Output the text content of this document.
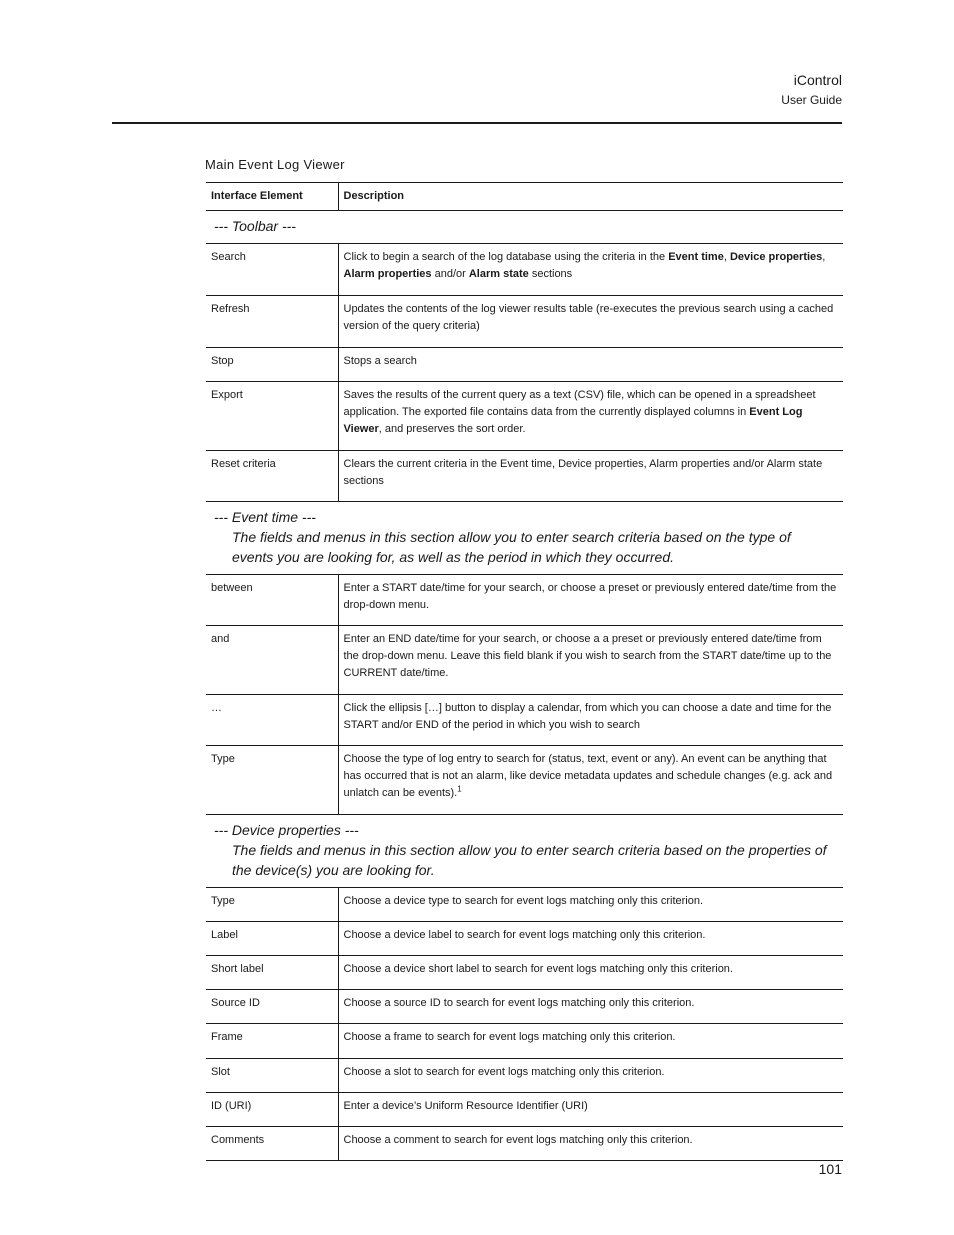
iControl
User Guide
Main Event Log Viewer
Interface Element	Description

--- Toolbar ---	

Search	Click to begin a search of the log database using the criteria in the Event time, Device properties, Alarm properties and/or Alarm state sections
Refresh	Updates the contents of the log viewer results table (re-executes the previous search using a cached version of the query criteria)
Stop	Stops a search
Export	Saves the results of the current query as a text (CSV) file, which can be opened in a spreadsheet application. The exported file contains data from the currently displayed columns in Event Log Viewer, and preserves the sort order.
Reset criteria	Clears the current criteria in the Event time, Device properties, Alarm properties and/or Alarm state sections

--- Event time ---
The fields and menus in this section allow you to enter search criteria based on the type of events you are looking for, as well as the period in which they occurred.	

between	Enter a START date/time for your search, or choose a preset or previously entered date/time from the drop-down menu.
and	Enter an END date/time for your search, or choose a a preset or previously entered date/time from the drop-down menu. Leave this field blank if you wish to search from the START date/time up to the CURRENT date/time.
…	Click the ellipsis […] button to display a calendar, from which you can choose a date and time for the START and/or END of the period in which you wish to search
Type	Choose the type of log entry to search for (status, text, event or any). An event can be anything that has occurred that is not an alarm, like device metadata updates and schedule changes (e.g. ack and unlatch can be events).$^1$

--- Device properties ---
The fields and menus in this section allow you to enter search criteria based on the properties of the device(s) you are looking for.	

Type	Choose a device type to search for event logs matching only this criterion.
Label	Choose a device label to search for event logs matching only this criterion.
Short label	Choose a device short label to search for event logs matching only this criterion.
Source ID	Choose a source ID to search for event logs matching only this criterion.
Frame	Choose a frame to search for event logs matching only this criterion.
Slot	Choose a slot to search for event logs matching only this criterion.
ID (URI)	Enter a device’s Uniform Resource Identifier (URI)
Comments	Choose a comment to search for event logs matching only this criterion.
101
